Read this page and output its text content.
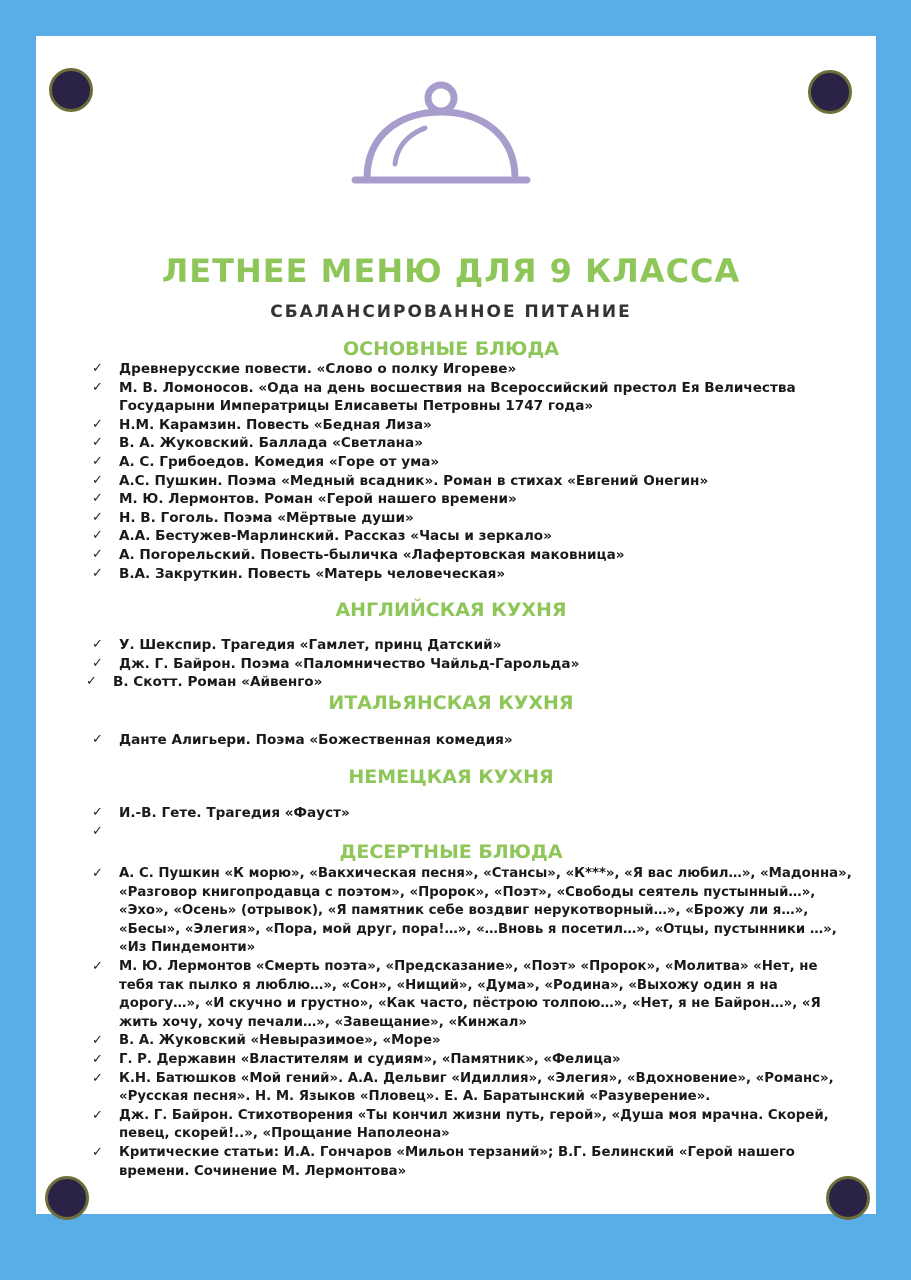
ЛЕТНЕЕ МЕНЮ ДЛЯ 9 КЛАССА
СБАЛАНСИРОВАННОЕ ПИТАНИЕ
ОСНОВНЫЕ БЛЮДА
✓ Древнерусские повести. «Слово о полку Игореве»
✓ М. В. Ломоносов. «Ода на день восшествия на Всероссийский престол Ея Величества Государыни Императрицы Елисаветы Петровны 1747 года»
✓ Н.М. Карамзин. Повесть «Бедная Лиза»
✓ В. А. Жуковский. Баллада «Светлана»
✓ А. С. Грибоедов. Комедия «Горе от ума»
✓ А.С. Пушкин. Поэма «Медный всадник». Роман в стихах «Евгений Онегин»
✓ М. Ю. Лермонтов. Роман «Герой нашего времени»
✓ Н. В. Гоголь. Поэма «Мёртвые души»
✓ А.А. Бестужев-Марлинский. Рассказ «Часы и зеркало»
✓ А. Погорельский. Повесть-быличка «Лафертовская маковница»
✓ В.А. Закруткин. Повесть «Матерь человеческая»
АНГЛИЙСКАЯ КУХНЯ
✓ У. Шекспир. Трагедия «Гамлет, принц Датский»
✓ Дж. Г. Байрон. Поэма «Паломничество Чайльд-Гарольда»
✓ В. Скотт. Роман «Айвенго»
ИТАЛЬЯНСКАЯ КУХНЯ
✓ Данте Алигьери. Поэма «Божественная комедия»
НЕМЕЦКАЯ КУХНЯ
✓ И.-В. Гете. Трагедия «Фауст»
✓
ДЕСЕРТНЫЕ БЛЮДА
✓ А. С. Пушкин «К морю», «Вакхическая песня», «Стансы», «К***», «Я вас любил…», «Мадонна», «Разговор книгопродавца с поэтом», «Пророк», «Поэт», «Свободы сеятель пустынный…», «Эхо», «Осень» (отрывок), «Я памятник себе воздвиг нерукотворный…», «Брожу ли я…», «Бесы», «Элегия», «Пора, мой друг, пора!…», «…Вновь я посетил…», «Отцы, пустынники …», «Из Пиндемонти»
✓ М. Ю. Лермонтов «Смерть поэта», «Предсказание», «Поэт» «Пророк», «Молитва» «Нет, не тебя так пылко я люблю…», «Сон», «Нищий», «Дума», «Родина», «Выхожу один я на дорогу…», «И скучно и грустно», «Как часто, пёстрою толпою…», «Нет, я не Байрон…», «Я жить хочу, хочу печали…», «Завещание», «Кинжал»
✓ В. А. Жуковский «Невыразимое», «Море»
✓ Г. Р. Державин «Властителям и судиям», «Памятник», «Фелица»
✓ К.Н. Батюшков «Мой гений». А.А. Дельвиг «Идиллия», «Элегия», «Вдохновение», «Романс», «Русская песня». Н. М. Языков «Пловец». Е. А. Баратынский «Разуверение».
✓ Дж. Г. Байрон. Стихотворения «Ты кончил жизни путь, герой», «Душа моя мрачна. Скорей, певец, скорей!..», «Прощание Наполеона»
✓ Критические статьи: И.А. Гончаров «Мильон терзаний»; В.Г. Белинский «Герой нашего времени. Сочинение М. Лермонтова»
